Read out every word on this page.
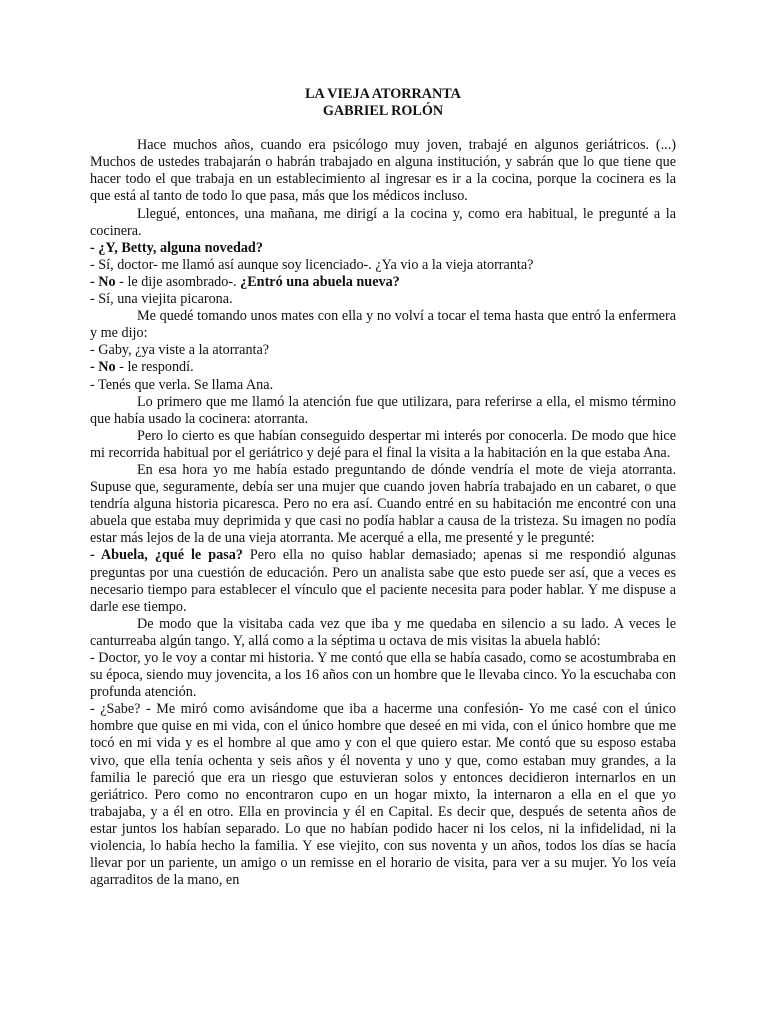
LA VIEJA ATORRANTA

GABRIEL ROLÓN

Hace muchos años, cuando era psicólogo muy joven, trabajé en algunos geriátricos. (...) Muchos de ustedes trabajarán o habrán trabajado en alguna institución, y sabrán que lo que tiene que hacer todo el que trabaja en un establecimiento al ingresar es ir a la cocina, porque la cocinera es la que está al tanto de todo lo que pasa, más que los médicos incluso.

Llegué, entonces, una mañana, me dirigí a la cocina y, como era habitual, le pregunté a la cocinera.

- ¿Y, Betty, alguna novedad?

- Sí, doctor- me llamó así aunque soy licenciado-. ¿Ya vio a la vieja atorranta?

- No - le dije asombrado-. ¿Entró una abuela nueva?

- Sí, una viejita picarona.

Me quedé tomando unos mates con ella y no volví a tocar el tema hasta que entró la enfermera y me dijo:

- Gaby, ¿ya viste a la atorranta?

- No - le respondí.

- Tenés que verla. Se llama Ana.

Lo primero que me llamó la atención fue que utilizara, para referirse a ella, el mismo término que había usado la cocinera: atorranta.

Pero lo cierto es que habían conseguido despertar mi interés por conocerla. De modo que hice mi recorrida habitual por el geriátrico y dejé para el final la visita a la habitación en la que estaba Ana.

En esa hora yo me había estado preguntando de dónde vendría el mote de vieja atorranta. Supuse que, seguramente, debía ser una mujer que cuando joven habría trabajado en un cabaret, o que tendría alguna historia picaresca. Pero no era así. Cuando entré en su habitación me encontré con una abuela que estaba muy deprimida y que casi no podía hablar a causa de la tristeza. Su imagen no podía estar más lejos de la de una vieja atorranta. Me acerqué a ella, me presenté y le pregunté:

- Abuela, ¿qué le pasa? Pero ella no quiso hablar demasiado; apenas si me respondió algunas preguntas por una cuestión de educación. Pero un analista sabe que esto puede ser así, que a veces es necesario tiempo para establecer el vínculo que el paciente necesita para poder hablar. Y me dispuse a darle ese tiempo.

De modo que la visitaba cada vez que iba y me quedaba en silencio a su lado. A veces le canturreaba algún tango. Y, allá como a la séptima u octava de mis visitas la abuela habló:

- Doctor, yo le voy a contar mi historia. Y me contó que ella se había casado, como se acostumbraba en su época, siendo muy jovencita, a los 16 años con un hombre que le llevaba cinco. Yo la escuchaba con profunda atención.

- ¿Sabe? - Me miró como avisándome que iba a hacerme una confesión- Yo me casé con el único hombre que quise en mi vida, con el único hombre que deseé en mi vida, con el único hombre que me tocó en mi vida y es el hombre al que amo y con el que quiero estar. Me contó que su esposo estaba vivo, que ella tenía ochenta y seis años y él noventa y uno y que, como estaban muy grandes, a la familia le pareció que era un riesgo que estuvieran solos y entonces decidieron internarlos en un geriátrico. Pero como no encontraron cupo en un hogar mixto, la internaron a ella en el que yo trabajaba, y a él en otro. Ella en provincia y él en Capital. Es decir que, después de setenta años de estar juntos los habían separado. Lo que no habían podido hacer ni los celos, ni la infidelidad, ni la violencia, lo había hecho la familia. Y ese viejito, con sus noventa y un años, todos los días se hacía llevar por un pariente, un amigo o un remisse en el horario de visita, para ver a su mujer. Yo los veía agarraditos de la mano, en
